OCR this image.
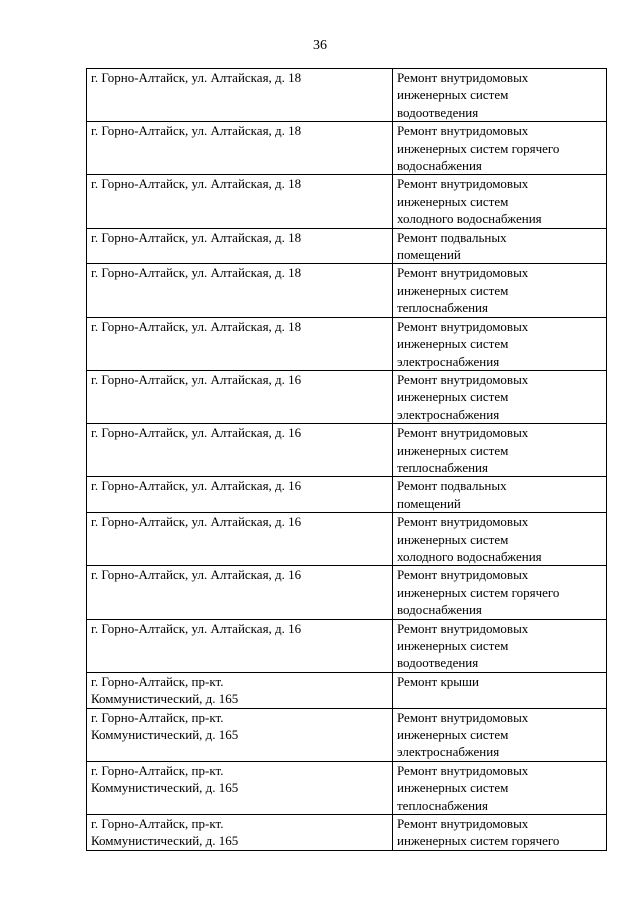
36
г. Горно-Алтайск, ул. Алтайская, д. 18	Ремонт внутридомовых
инженерных систем
водоотведения
г. Горно-Алтайск, ул. Алтайская, д. 18	Ремонт внутридомовых
инженерных систем горячего
водоснабжения
г. Горно-Алтайск, ул. Алтайская, д. 18	Ремонт внутридомовых
инженерных систем
холодного водоснабжения
г. Горно-Алтайск, ул. Алтайская, д. 18	Ремонт подвальных
помещений
г. Горно-Алтайск, ул. Алтайская, д. 18	Ремонт внутридомовых
инженерных систем
теплоснабжения
г. Горно-Алтайск, ул. Алтайская, д. 18	Ремонт внутридомовых
инженерных систем
электроснабжения
г. Горно-Алтайск, ул. Алтайская, д. 16	Ремонт внутридомовых
инженерных систем
электроснабжения
г. Горно-Алтайск, ул. Алтайская, д. 16	Ремонт внутридомовых
инженерных систем
теплоснабжения
г. Горно-Алтайск, ул. Алтайская, д. 16	Ремонт подвальных
помещений
г. Горно-Алтайск, ул. Алтайская, д. 16	Ремонт внутридомовых
инженерных систем
холодного водоснабжения
г. Горно-Алтайск, ул. Алтайская, д. 16	Ремонт внутридомовых
инженерных систем горячего
водоснабжения
г. Горно-Алтайск, ул. Алтайская, д. 16	Ремонт внутридомовых
инженерных систем
водоотведения
г. Горно-Алтайск, пр-кт.
Коммунистический, д. 165	Ремонт крыши
г. Горно-Алтайск, пр-кт.
Коммунистический, д. 165	Ремонт внутридомовых
инженерных систем
электроснабжения
г. Горно-Алтайск, пр-кт.
Коммунистический, д. 165	Ремонт внутридомовых
инженерных систем
теплоснабжения
г. Горно-Алтайск, пр-кт.
Коммунистический, д. 165	Ремонт внутридомовых
инженерных систем горячего
